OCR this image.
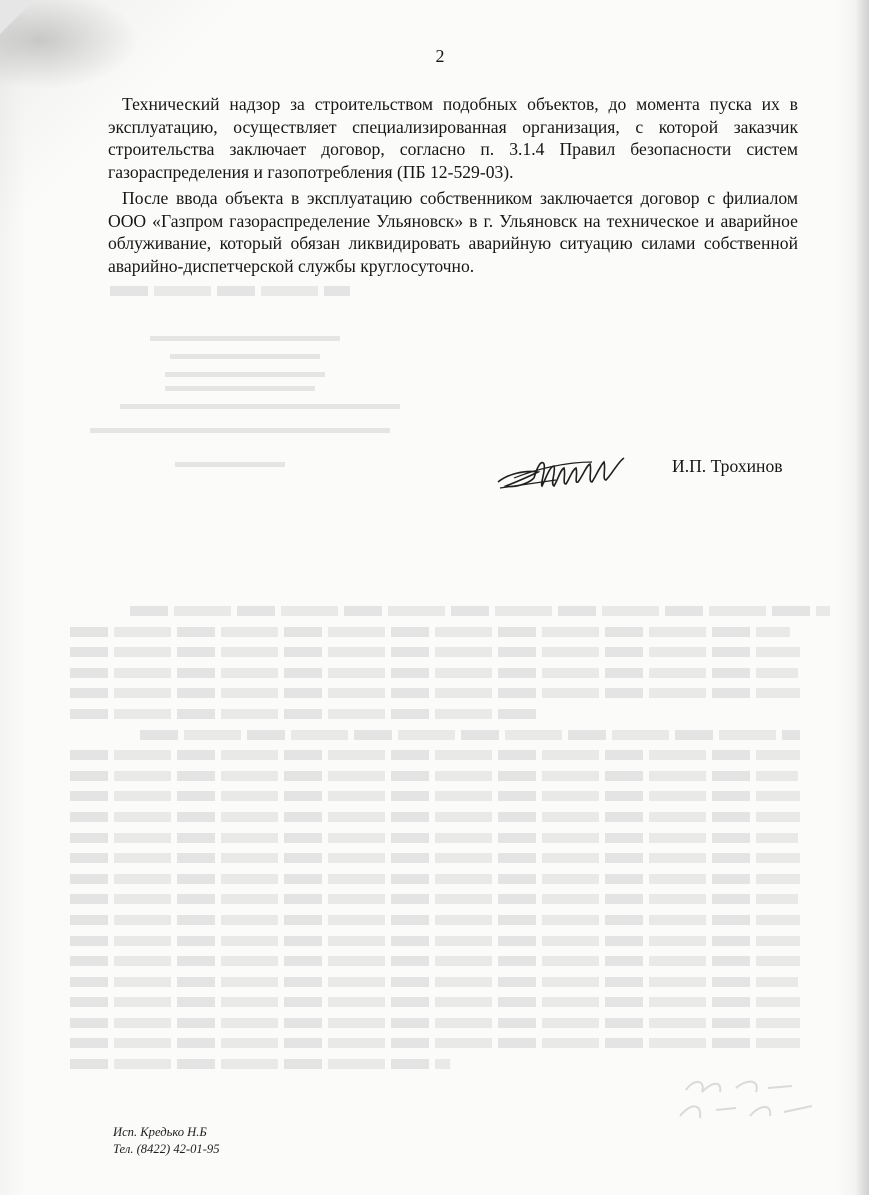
2

Технический надзор за строительством подобных объектов, до момента пуска их в эксплуатацию, осуществляет специализированная организация, с которой заказчик строительства заключает договор, согласно п. 3.1.4 Правил безопасности систем газораспределения и газопотребления (ПБ 12-529-03).

После ввода объекта в эксплуатацию собственником заключается договор с филиалом ООО «Газпром газораспределение Ульяновск» в г. Ульяновск на техническое и аварийное облуживание, который обязан ликвидировать аварийную ситуацию силами собственной аварийно-диспетчерской службы круглосуточно.

И.П. Трохинов
Исп. Кредько Н.Б
Тел. (8422) 42-01-95
